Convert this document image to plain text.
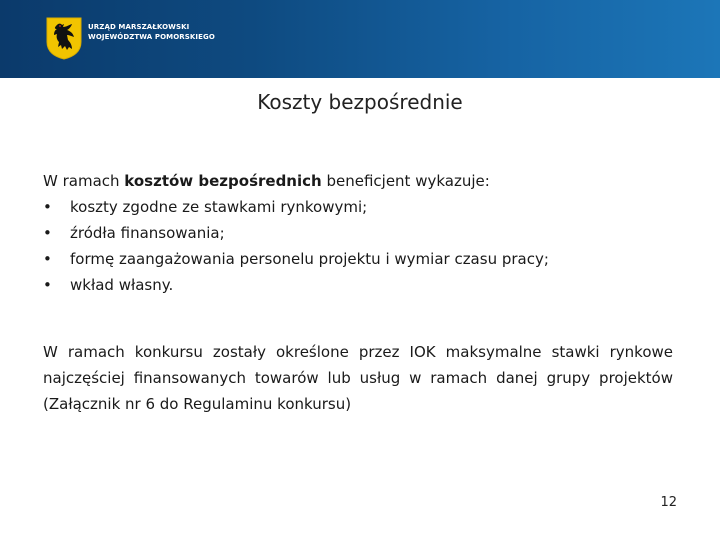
URZĄD MARSZAŁKOWSKI
WOJEWÓDZTWA POMORSKIEGO
Koszty bezpośrednie
W ramach kosztów bezpośrednich beneficjent wykazuje:
• koszty zgodne ze stawkami rynkowymi;
• źródła finansowania;
• formę zaangażowania personelu projektu i wymiar czasu pracy;
• wkład własny.
W ramach konkursu zostały określone przez IOK maksymalne stawki rynkowe najczęściej finansowanych towarów lub usług w ramach danej grupy projektów (Załącznik nr 6 do Regulaminu konkursu)
12
